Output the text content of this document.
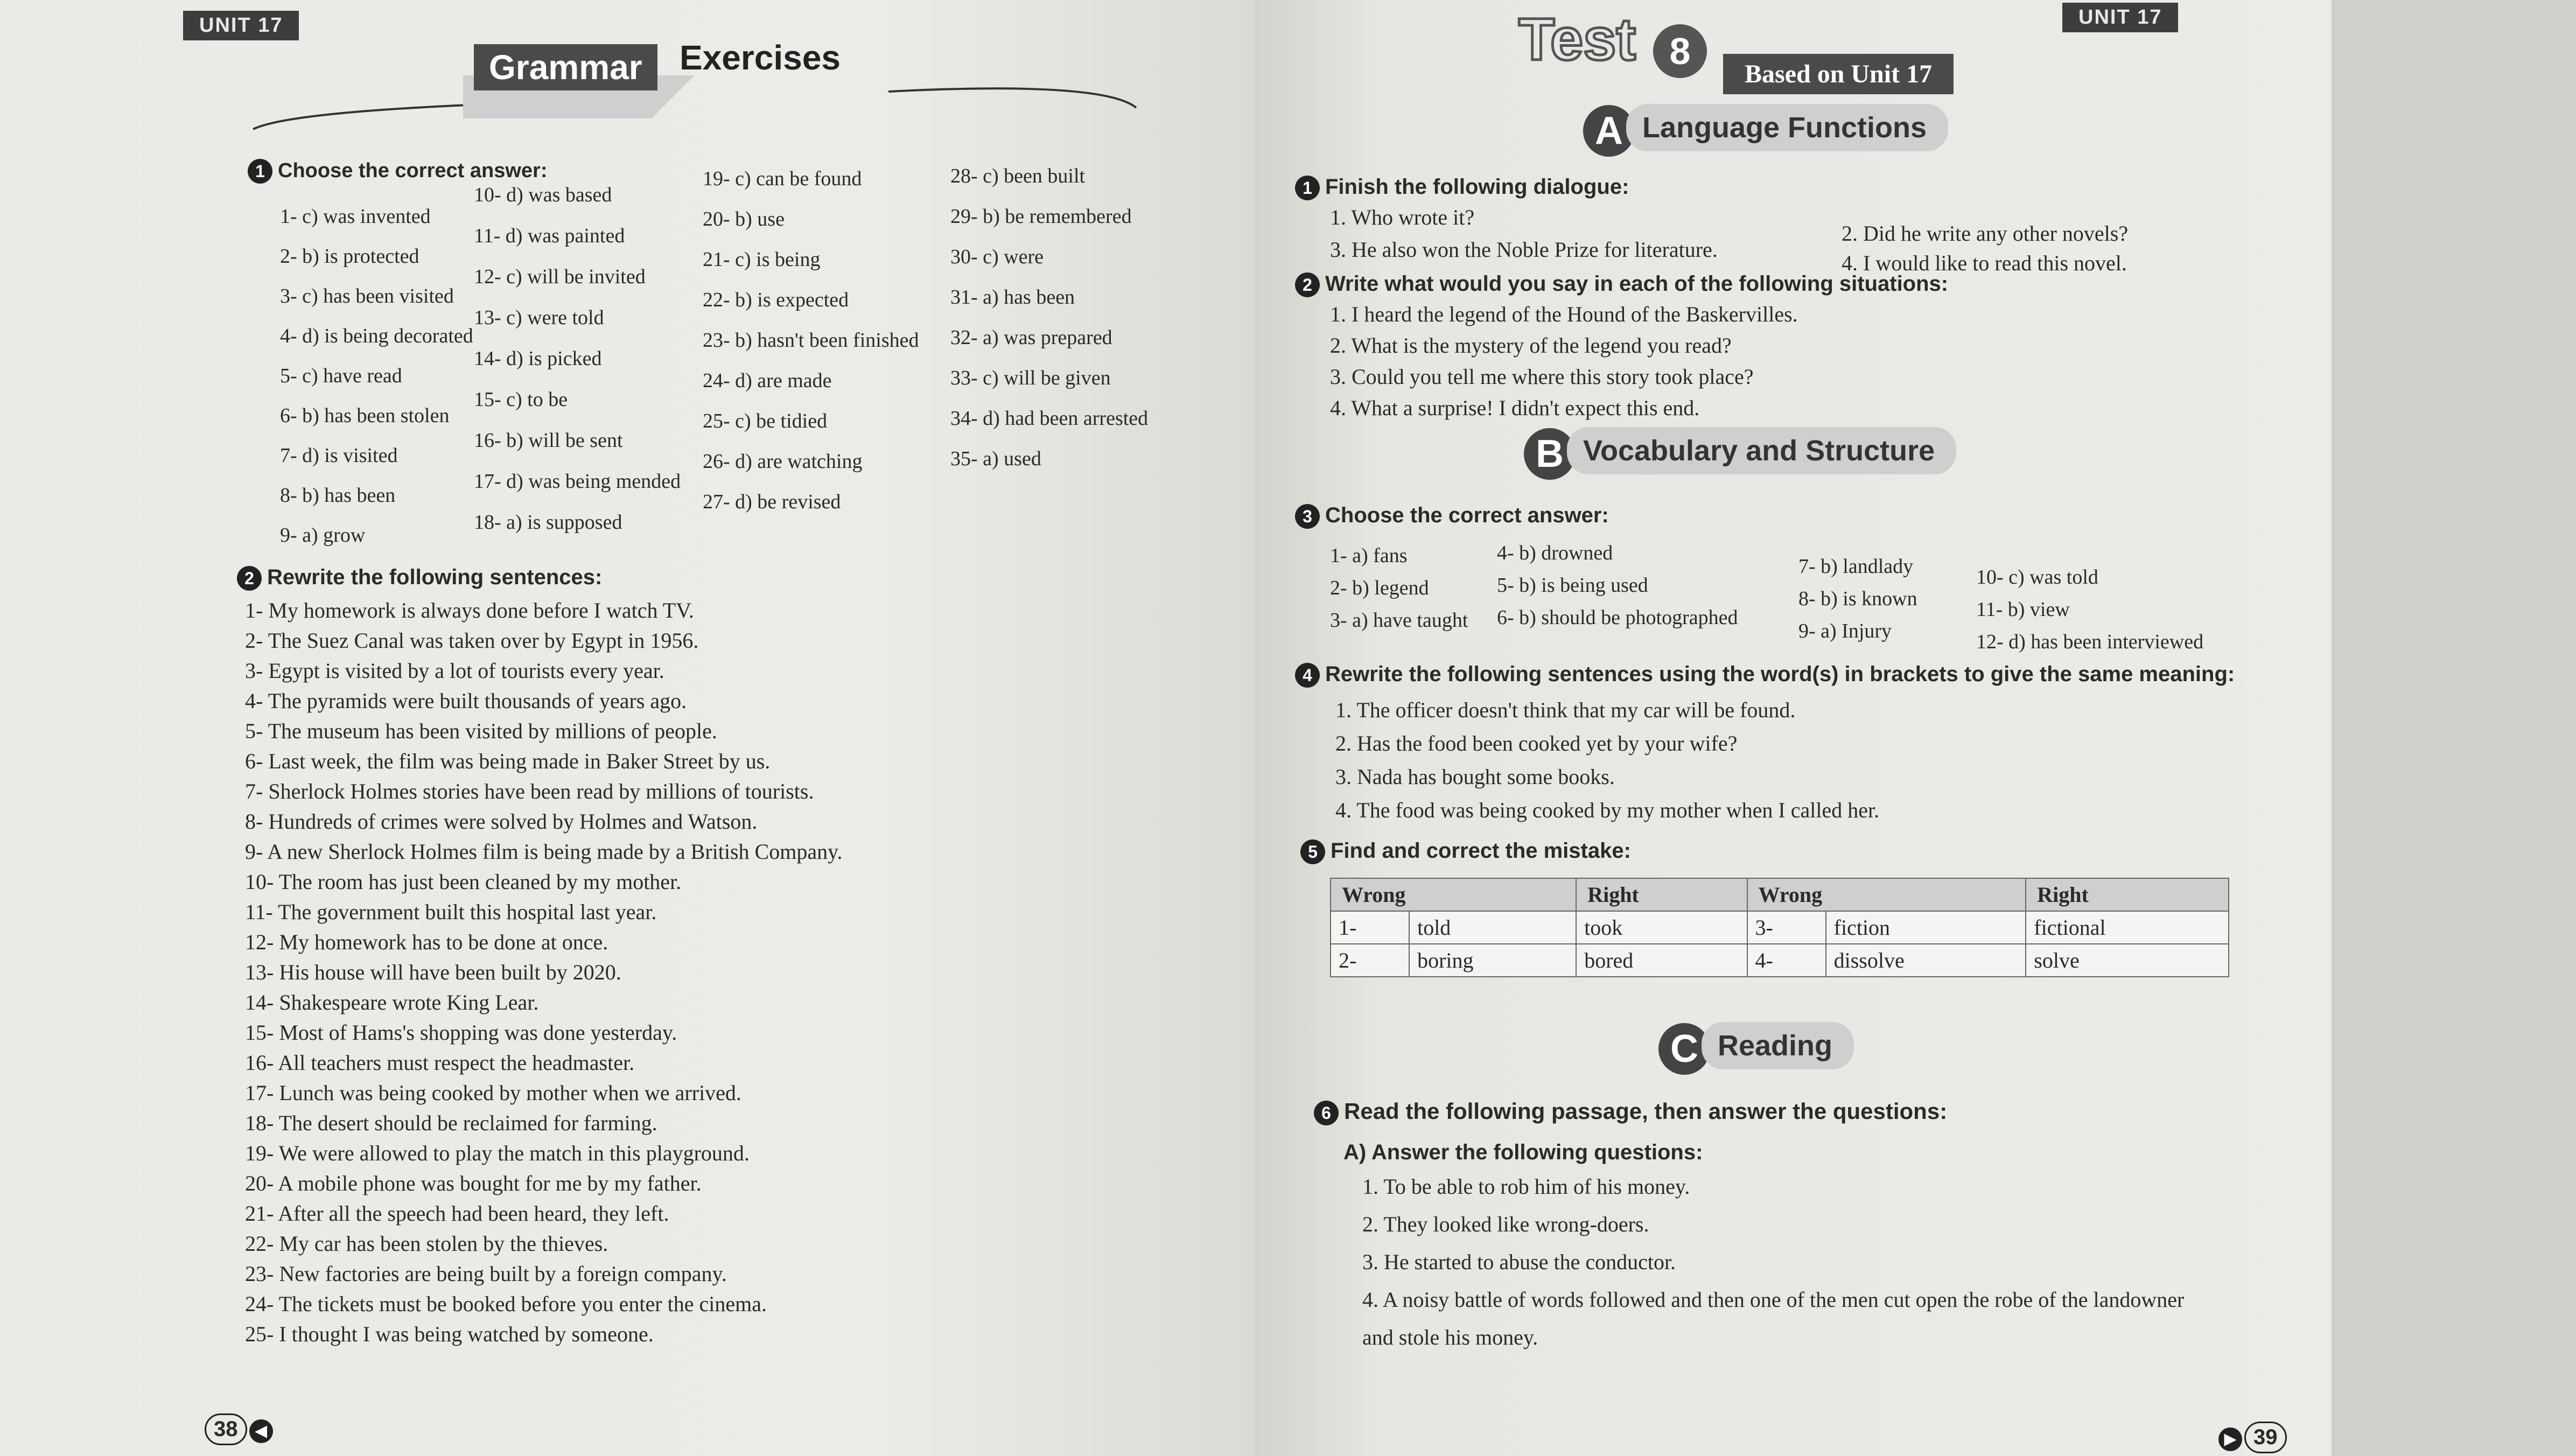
UNIT 17
Grammar	Exercises
1 Choose the correct answer:
1- c) was invented
2- b) is protected
3- c) has been visited
4- d) is being decorated
5- c) have read
6- b) has been stolen
7- d) is visited
8- b) has been
9- a) grow
10- d) was based
11- d) was painted
12- c) will be invited
13- c) were told
14- d) is picked
15- c) to be
16- b) will be sent
17- d) was being mended
18- a) is supposed
19- c) can be found
20- b) use
21- c) is being
22- b) is expected
23- b) hasn't been finished
24- d) are made
25- c) be tidied
26- d) are watching
27- d) be revised
28- c) been built
29- b) be remembered
30- c) were
31- a) has been
32- a) was prepared
33- c) will be given
34- d) had been arrested
35- a) used
2 Rewrite the following sentences:
1- My homework is always done before I watch TV.
2- The Suez Canal was taken over by Egypt in 1956.
3- Egypt is visited by a lot of tourists every year.
4- The pyramids were built thousands of years ago.
5- The museum has been visited by millions of people.
6- Last week, the film was being made in Baker Street by us.
7- Sherlock Holmes stories have been read by millions of tourists.
8- Hundreds of crimes were solved by Holmes and Watson.
9- A new Sherlock Holmes film is being made by a British Company.
10- The room has just been cleaned by my mother.
11- The government built this hospital last year.
12- My homework has to be done at once.
13- His house will have been built by 2020.
14- Shakespeare wrote King Lear.
15- Most of Hams's shopping was done yesterday.
16- All teachers must respect the headmaster.
17- Lunch was being cooked by mother when we arrived.
18- The desert should be reclaimed for farming.
19- We were allowed to play the match in this playground.
20- A mobile phone was bought for me by my father.
21- After all the speech had been heard, they left.
22- My car has been stolen by the thieves.
23- New factories are being built by a foreign company.
24- The tickets must be booked before you enter the cinema.
25- I thought I was being watched by someone.
38 ◀
UNIT 17
Test 8
Based on Unit 17
A Language Functions
1 Finish the following dialogue:
1. Who wrote it?
3. He also won the Noble Prize for literature.
2. Did he write any other novels?
4. I would like to read this novel.
2 Write what would you say in each of the following situations:
1. I heard the legend of the Hound of the Baskervilles.
2. What is the mystery of the legend you read?
3. Could you tell me where this story took place?
4. What a surprise! I didn't expect this end.
B Vocabulary and Structure
3 Choose the correct answer:
1- a) fans
2- b) legend
3- a) have taught
4- b) drowned
5- b) is being used
6- b) should be photographed
7- b) landlady
8- b) is known
9- a) Injury
10- c) was told
11- b) view
12- d) has been interviewed
4 Rewrite the following sentences using the word(s) in brackets to give the same meaning:
1. The officer doesn't think that my car will be found.
2. Has the food been cooked yet by your wife?
3. Nada has bought some books.
4. The food was being cooked by my mother when I called her.
5 Find and correct the mistake:
Wrong		Right	Wrong		Right
1-	told	took	3-	fiction	fictional
2-	boring	bored	4-	dissolve	solve
C Reading
6 Read the following passage, then answer the questions:
A) Answer the following questions:
1. To be able to rob him of his money.
2. They looked like wrong-doers.
3. He started to abuse the conductor.
4. A noisy battle of words followed and then one of the men cut open the robe of the landowner
and stole his money.
▶ 39
